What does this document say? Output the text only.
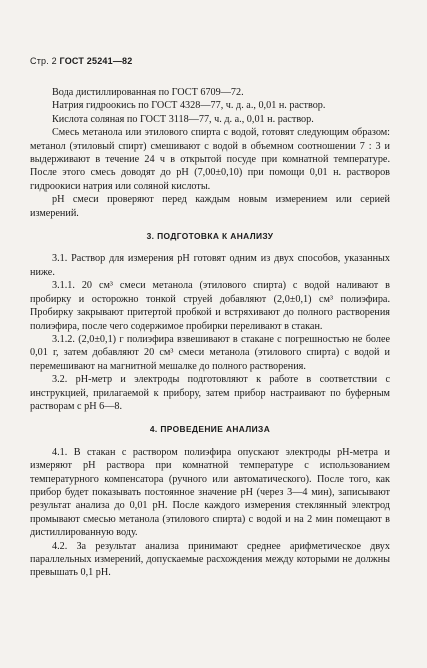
Стр. 2 ГОСТ 25241—82

Вода дистиллированная по ГОСТ 6709—72.

Натрия гидроокись по ГОСТ 4328—77, ч. д. а., 0,01 н. раствор.

Кислота соляная по ГОСТ 3118—77, ч. д. а., 0,01 н. раствор.

Смесь метанола или этилового спирта с водой, готовят следующим образом: метанол (этиловый спирт) смешивают с водой в объемном соотношении 7 : 3 и выдерживают в течение 24 ч в открытой посуде при комнатной температуре. После этого смесь доводят до pH (7,00±0,10) при помощи 0,01 н. растворов гидроокиси натрия или соляной кислоты.

pH смеси проверяют перед каждым новым измерением или серией измерений.

3. ПОДГОТОВКА К АНАЛИЗУ

3.1. Раствор для измерения pH готовят одним из двух способов, указанных ниже.

3.1.1. 20 см³ смеси метанола (этилового спирта) с водой наливают в пробирку и осторожно тонкой струей добавляют (2,0±0,1) см³ полиэфира. Пробирку закрывают притертой пробкой и встряхивают до полного растворения полиэфира, после чего содержимое пробирки переливают в стакан.

3.1.2. (2,0±0,1) г полиэфира взвешивают в стакане с погрешностью не более 0,01 г, затем добавляют 20 см³ смеси метанола (этилового спирта) с водой и перемешивают на магнитной мешалке до полного растворения.

3.2. pH-метр и электроды подготовляют к работе в соответствии с инструкцией, прилагаемой к прибору, затем прибор настраивают по буферным растворам с pH 6—8.

4. ПРОВЕДЕНИЕ АНАЛИЗА

4.1. В стакан с раствором полиэфира опускают электроды pH-метра и измеряют pH раствора при комнатной температуре с использованием температурного компенсатора (ручного или автоматического). После того, как прибор будет показывать постоянное значение pH (через 3—4 мин), записывают результат анализа до 0,01 pH. После каждого измерения стеклянный электрод промывают смесью метанола (этилового спирта) с водой и на 2 мин помещают в дистиллированную воду.

4.2. За результат анализа принимают среднее арифметическое двух параллельных измерений, допускаемые расхождения между которыми не должны превышать 0,1 pH.
